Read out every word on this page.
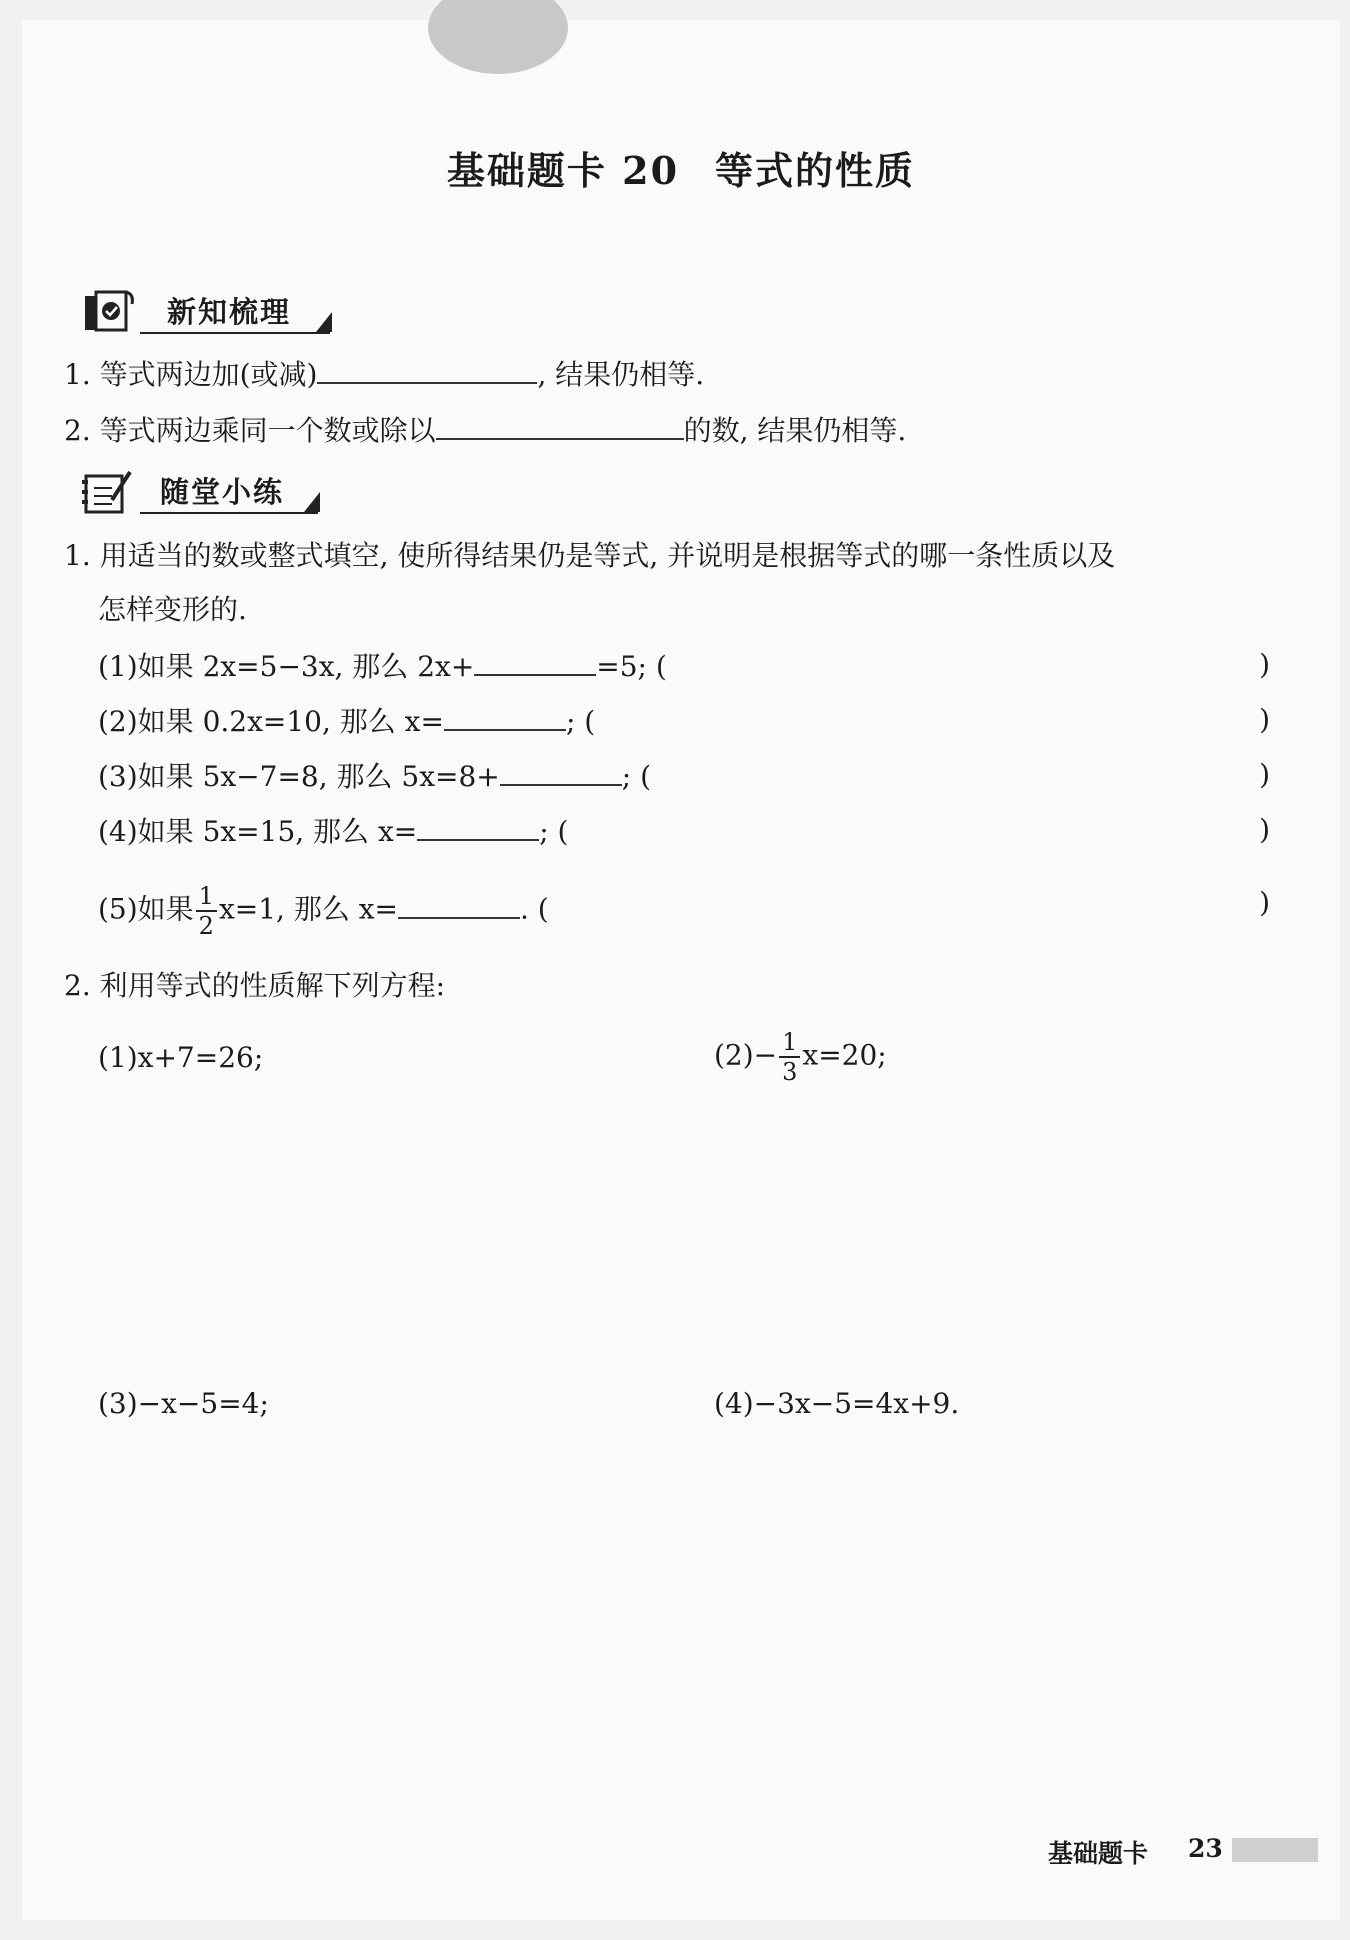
基础题卡 20 等式的性质
新知梳理
1. 等式两边加(或减)	, 结果仍相等.
2. 等式两边乘同一个数或除以	的数, 结果仍相等.
随堂小练
1. 用适当的数或整式填空, 使所得结果仍是等式, 并说明是根据等式的哪一条性质以及
怎样变形的.
(1)如果 2x=5−3x, 那么 2x+	=5; (	)
(2)如果 0.2x=10, 那么 x=	; (	)
(3)如果 5x−7=8, 那么 5x=8+	; (	)
(4)如果 5x=15, 那么 x=	; (	)
(5)如果 $\frac{1}{2} x=1$, 那么 x=	. (	)
2. 利用等式的性质解下列方程:
(1)x+7=26;	$(2)- \frac{1}{3} x=20$;
(3)−x−5=4;	(4)−3x−5=4x+9.
基础题卡 23
